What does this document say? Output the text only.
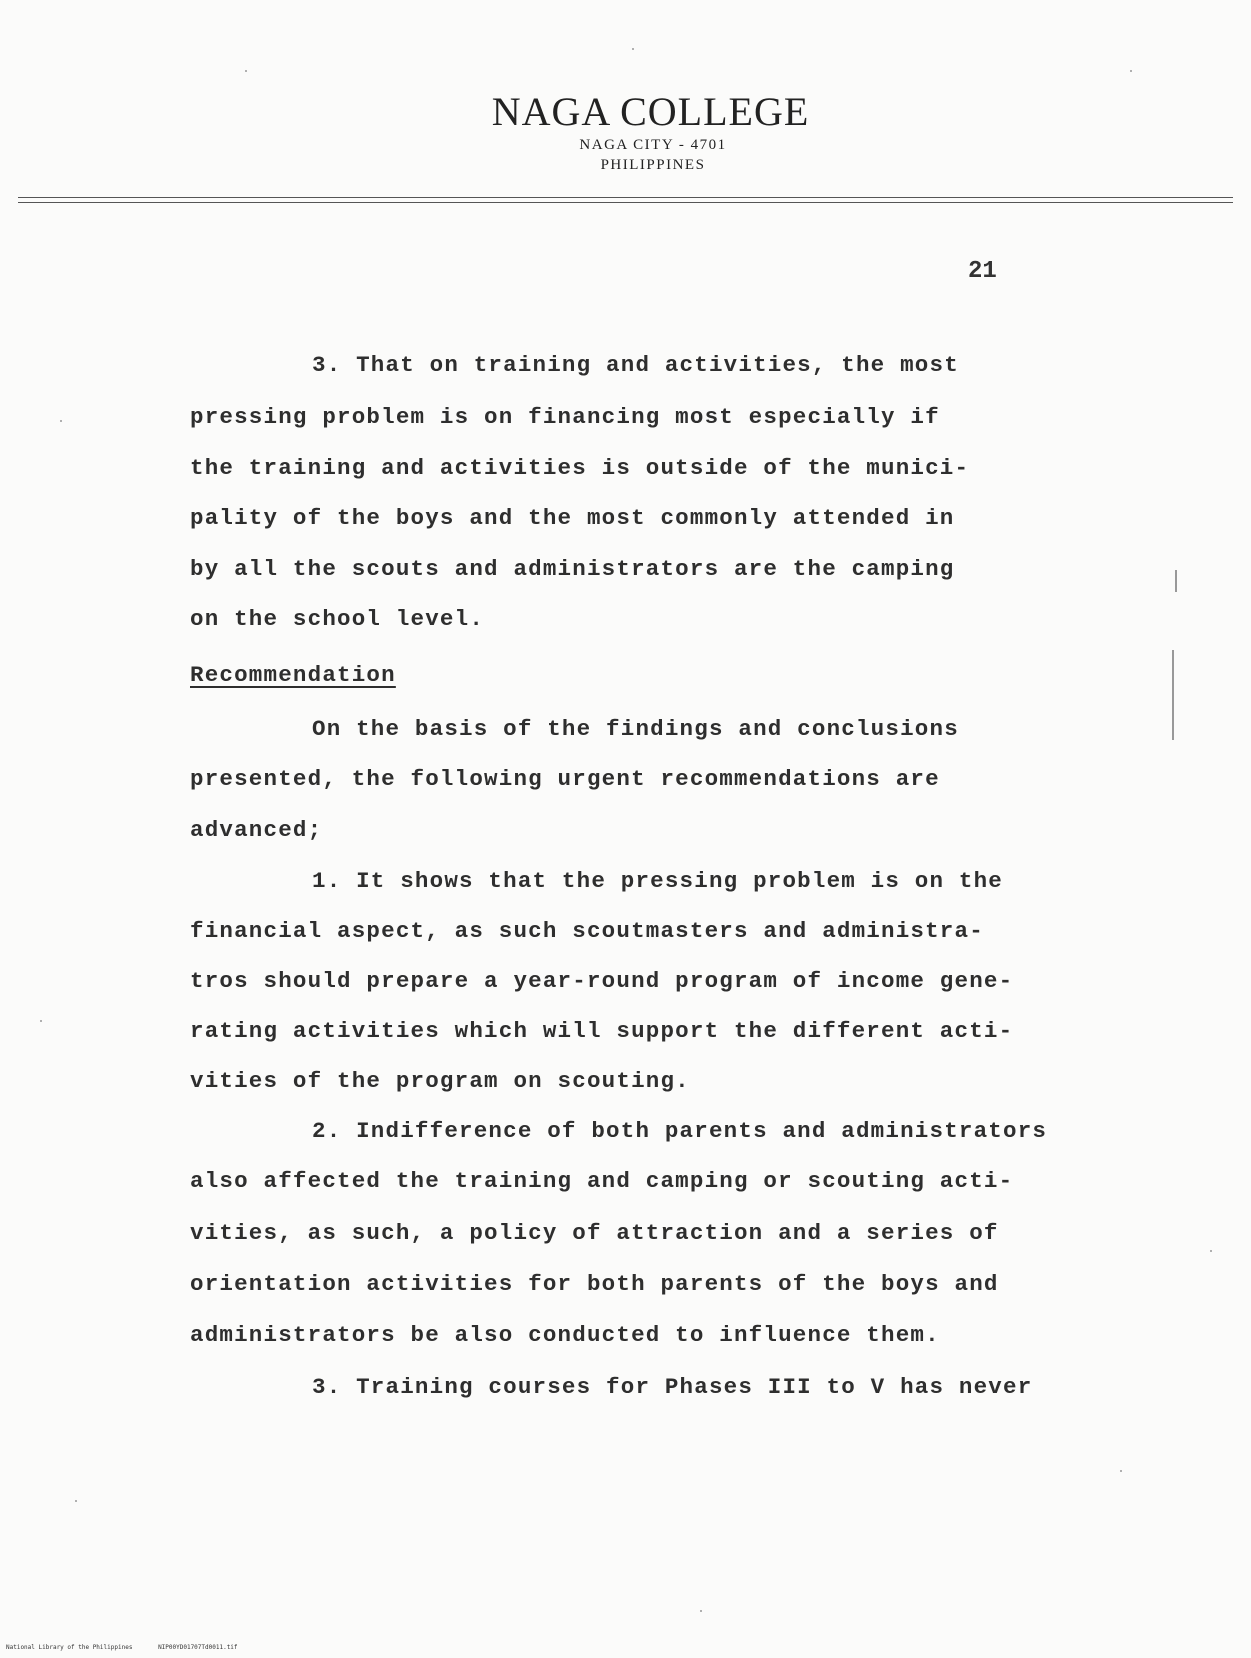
NAGA COLLEGE
NAGA CITY - 4701
PHILIPPINES
21
3. That on training and activities, the most
pressing problem is on financing most especially if
the training and activities is outside of the munici-
pality of the boys and the most commonly attended in
by all the scouts and administrators are the camping
on the school level.
Recommendation
On the basis of the findings and conclusions
presented, the following urgent recommendations are
advanced;
1. It shows that the pressing problem is on the
financial aspect, as such scoutmasters and administra-
tros should prepare a year-round program of income gene-
rating activities which will support the different acti-
vities of the program on scouting.
2. Indifference of both parents and administrators
also affected the training and camping or scouting acti-
vities, as such, a policy of attraction and a series of
orientation activities for both parents of the boys and
administrators be also conducted to influence them.
3. Training courses for Phases III to V has never
National Library of the Philippines	NIP00YD01707Td0011.tif
